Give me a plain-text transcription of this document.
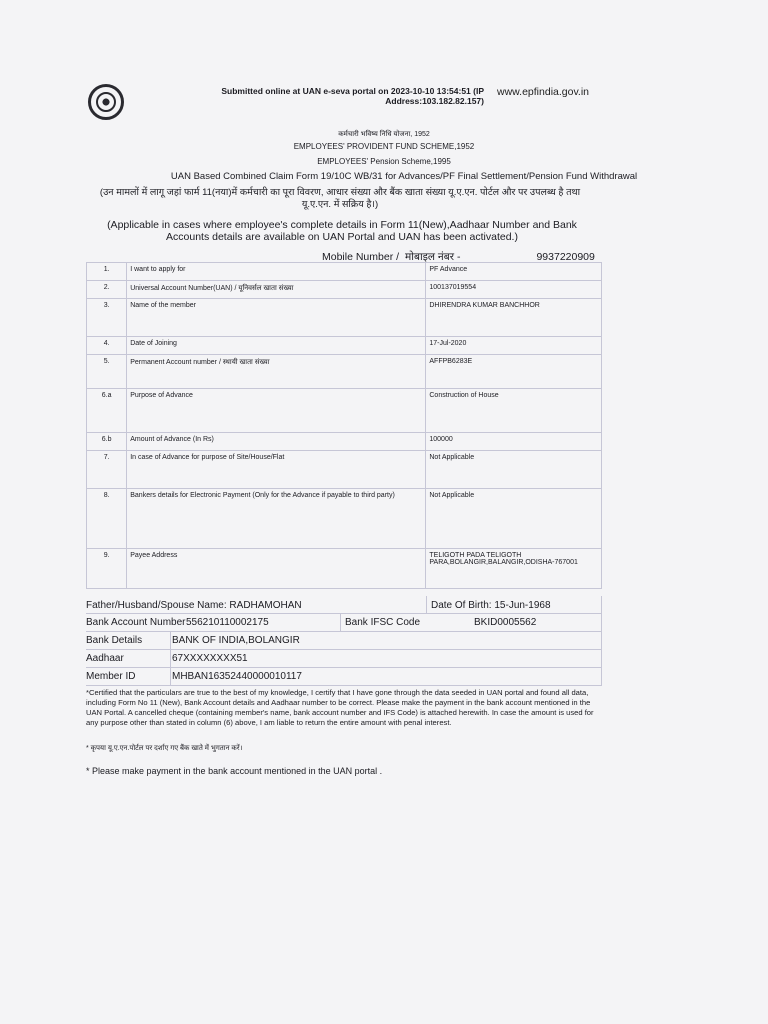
Submitted online at UAN e-seva portal on 2023-10-10 13:54:51 (IP Address:103.182.82.157)
www.epfindia.gov.in
कर्मचारी भविष्य निधि योजना, 1952
EMPLOYEES' PROVIDENT FUND SCHEME,1952
EMPLOYEES' Pension Scheme,1995
UAN Based Combined Claim Form 19/10C WB/31 for Advances/PF Final Settlement/Pension Fund Withdrawal
(उन मामलों में लागू जहां फार्म 11(नया)में कर्मचारी का पूरा विवरण, आधार संख्या और बैंक खाता संख्या यू.ए.एन. पोर्टल और पर उपलब्ध है तथा यू.ए.एन. में सक्रिय है।)
(Applicable in cases where employee's complete details in Form 11(New),Aadhaar Number and Bank Accounts details are available on UAN Portal and UAN has been activated.)
Mobile Number / मोबाइल नंबर -	9937220909
1.	I want to apply for	PF Advance
2.	Universal Account Number(UAN) / यूनिवर्सल खाता संख्या	100137019554
3.	Name of the member	DHIRENDRA KUMAR BANCHHOR
4.	Date of Joining	17-Jul-2020
5.	Permanent Account number / स्थायी खाता संख्या	AFFPB6283E
6.a	Purpose of Advance	Construction of House
6.b	Amount of Advance (In Rs)	100000
7.	In case of Advance for purpose of Site/House/Flat	Not Applicable
8.	Bankers details for Electronic Payment (Only for the Advance if payable to third party)	Not Applicable
9.	Payee Address	TELIGOTH PADA TELIGOTH PARA,BOLANGIR,BALANGIR,ODISHA-767001
Father/Husband/Spouse Name: RADHAMOHAN	Date Of Birth: 15-Jun-1968
Bank Account Number 556210110002175	Bank IFSC Code	BKID0005562
Bank Details	BANK OF INDIA,BOLANGIR
Aadhaar	67XXXXXXXX51
Member ID	MHBAN16352440000010117
*Certified that the particulars are true to the best of my knowledge, I certify that I have gone through the data seeded in UAN portal and found all data, including Form No 11 (New), Bank Account details and Aadhaar number to be correct. Please make the payment in the bank account mentioned in the UAN Portal. A cancelled cheque (containing member's name, bank account number and IFS Code) is attached herewith. In case the amount is used for any purpose other than stated in column (6) above, I am liable to return the entire amount with penal interest.
* कृपया यू.ए.एन.पोर्टल पर दर्शाए गए बैंक खाते में भुगतान करें।
* Please make payment in the bank account mentioned in the UAN portal .
